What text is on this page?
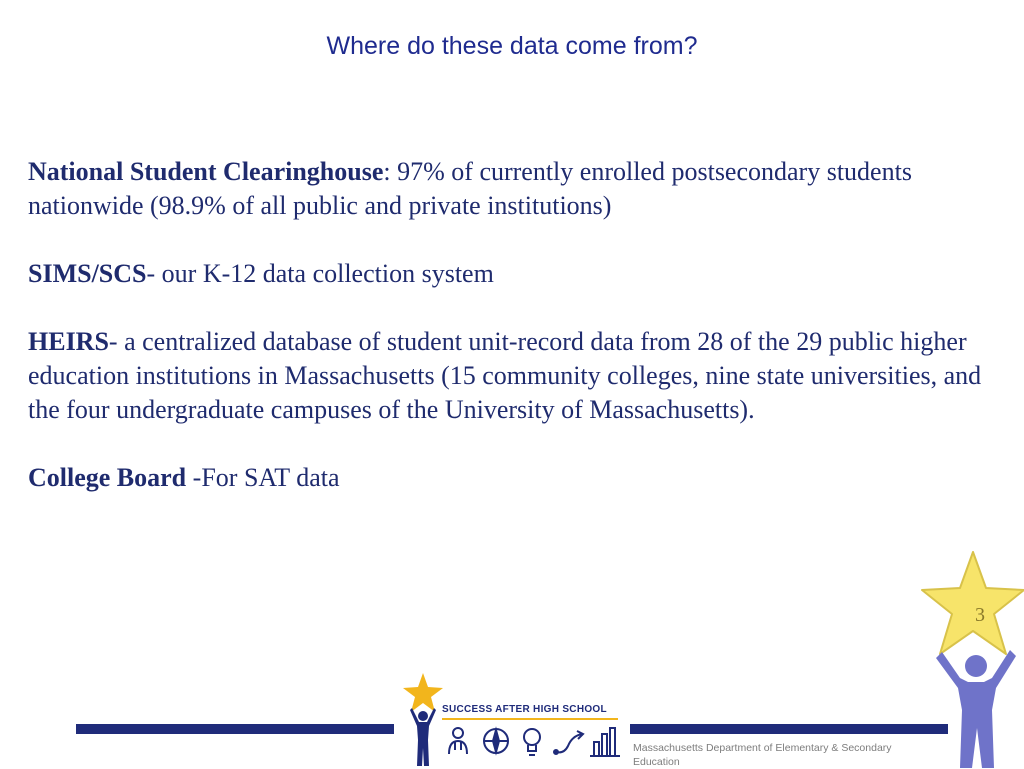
Where do these data come from?

National Student Clearinghouse: 97% of currently enrolled postsecondary students nationwide (98.9% of all public and private institutions)

SIMS/SCS- our K-12 data collection system

HEIRS- a centralized database of student unit-record data from 28 of the 29 public higher education institutions in Massachusetts (15 community colleges, nine state universities, and the four undergraduate campuses of the University of Massachusetts).

College Board -For SAT data

3
SUCCESS AFTER HIGH SCHOOL
Massachusetts Department of Elementary & Secondary Education
